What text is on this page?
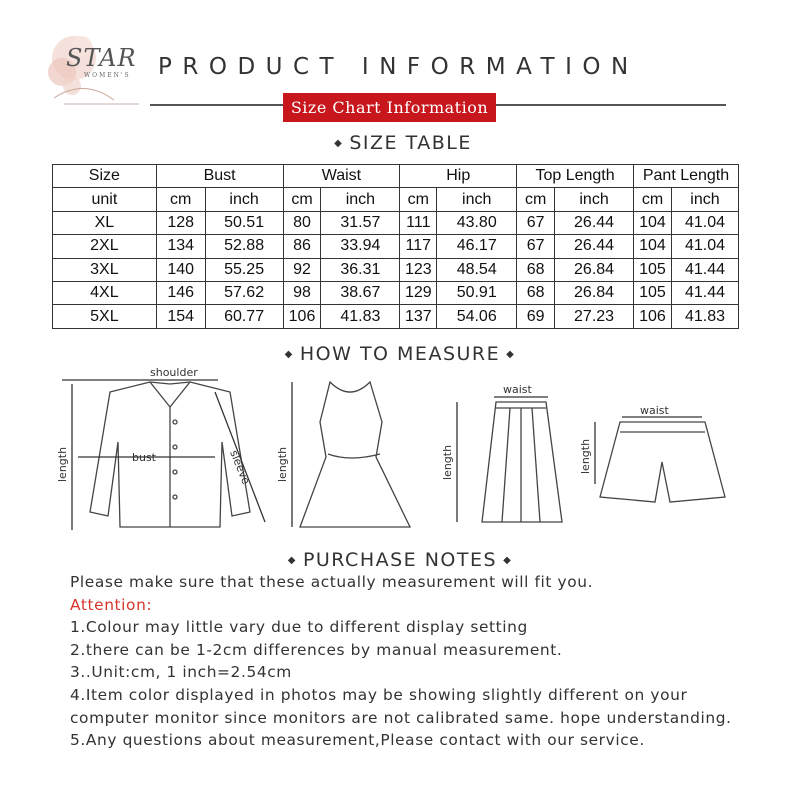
STAR
WOMEN'S PRODUCT INFORMATION
Size Chart Information
◆ SIZE TABLE
Size	Bust		Waist		Hip		Top Length		Pant Length	
unit	cm	inch	cm	inch	cm	inch	cm	inch	cm	inch
XL	128	50.51	80	31.57	111	43.80	67	26.44	104	41.04
2XL	134	52.88	86	33.94	117	46.17	67	26.44	104	41.04
3XL	140	55.25	92	36.31	123	48.54	68	26.84	105	41.44
4XL	146	57.62	98	38.67	129	50.91	68	26.84	105	41.44
5XL	154	60.77	106	41.83	137	54.06	69	27.23	106	41.83
◆ HOW TO MEASURE ◆
shoulder
bust	sleeve
length	length
waist
length
waist
length
◆ PURCHASE NOTES ◆
Please make sure that these actually measurement will fit you.
Attention:
1.Colour may little vary due to different display setting
2.there can be 1-2cm differences by manual measurement.
3..Unit:cm, 1 inch=2.54cm
4.Item color displayed in photos may be showing slightly different on your
computer monitor since monitors are not calibrated same. hope understanding.
5.Any questions about measurement,Please contact with our service.
